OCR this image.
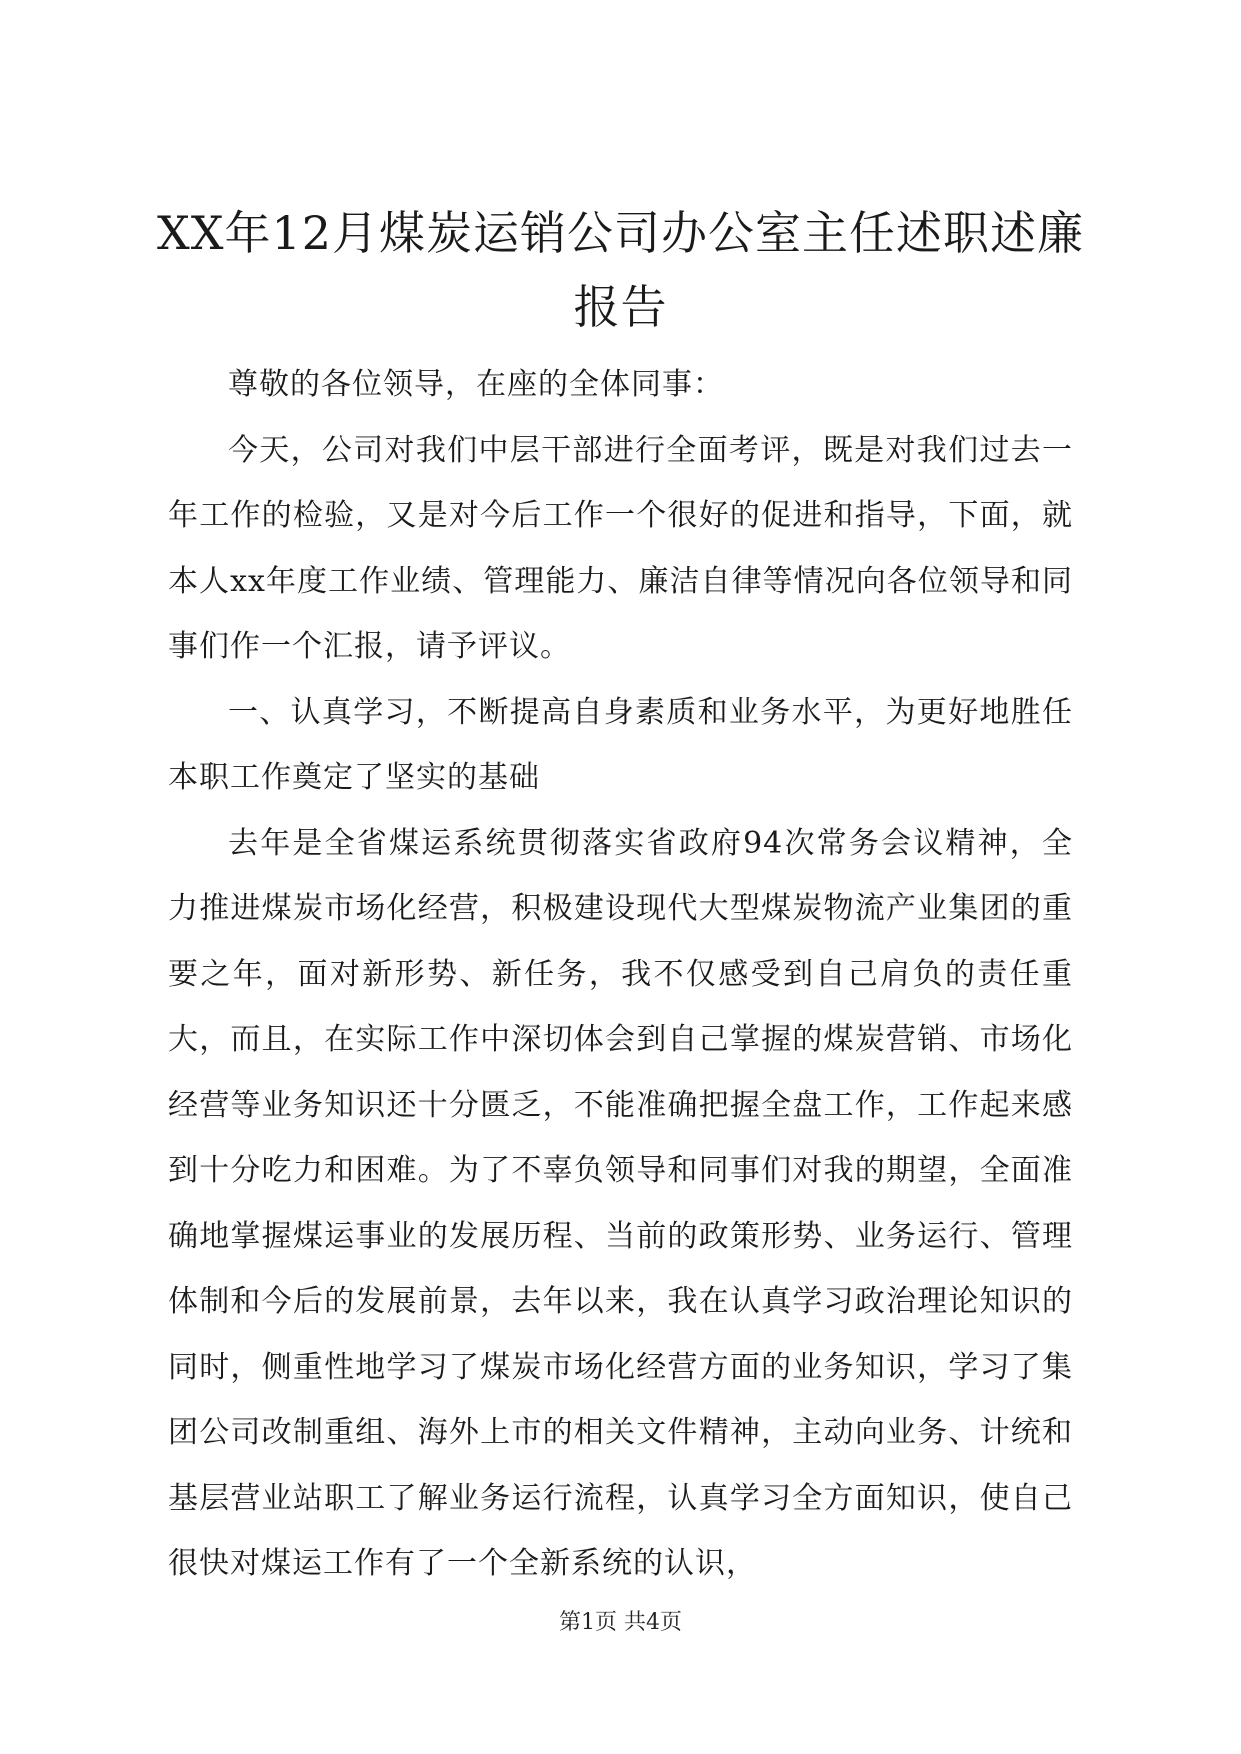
XX年12月煤炭运销公司办公室主任述职述廉报告

尊敬的各位领导，在座的全体同事：

今天，公司对我们中层干部进行全面考评，既是对我们过去一年工作的检验，又是对今后工作一个很好的促进和指导，下面，就本人xx年度工作业绩、管理能力、廉洁自律等情况向各位领导和同事们作一个汇报，请予评议。

一、认真学习，不断提高自身素质和业务水平，为更好地胜任本职工作奠定了坚实的基础

去年是全省煤运系统贯彻落实省政府94次常务会议精神，全力推进煤炭市场化经营，积极建设现代大型煤炭物流产业集团的重要之年，面对新形势、新任务，我不仅感受到自己肩负的责任重大，而且，在实际工作中深切体会到自己掌握的煤炭营销、市场化经营等业务知识还十分匮乏，不能准确把握全盘工作，工作起来感到十分吃力和困难。为了不辜负领导和同事们对我的期望，全面准确地掌握煤运事业的发展历程、当前的政策形势、业务运行、管理体制和今后的发展前景，去年以来，我在认真学习政治理论知识的同时，侧重性地学习了煤炭市场化经营方面的业务知识，学习了集团公司改制重组、海外上市的相关文件精神，主动向业务、计统和基层营业站职工了解业务运行流程，认真学习全方面知识，使自己很快对煤运工作有了一个全新系统的认识，

第1页 共4页
